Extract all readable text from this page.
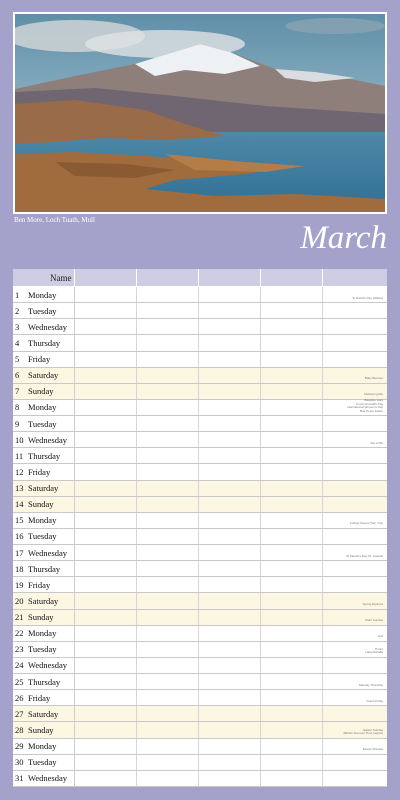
Ben More, Loch Tuath, Mull	March
Name
1	Monday	St David's Day (Wales)
2	Tuesday
3	Wednesday
4	Thursday
5	Friday
6	Saturday	Baby Boomer
7	Sunday	Mothering Mix
8	Monday
Baaisiko work
Commonwealth Day
International Women's Day
Bas Poser Fellen
9	Tuesday
10 Wednesday	Dot of Bu
11 Thursday
12 Friday
13 Saturday
14 Sunday
15 Monday	Futhgh Saved (Tien Yuz)
16 Tuesday
17 Wednesday	St Patrick's Day (N. Ireland)
18 Thursday
19 Friday
20 Saturday	Spring Equinox
21 Sunday	Palm Sunday
22 Monday	Holi
23 Tuesday	Purim
Hala Mohalla
24 Wednesday
25 Thursday	Maundy Thursday
26 Friday	Good Friday
27 Saturday
28 Sunday	Easter Sunday
(British Summer Time begins)
29 Monday	Easter Monday
30 Tuesday
31 Wednesday
